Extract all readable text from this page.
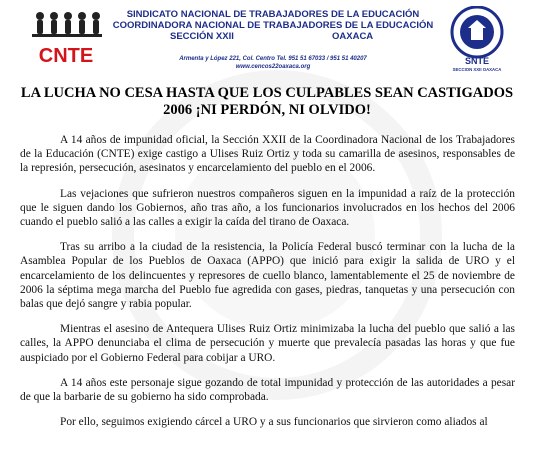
CNTE
SINDICATO NACIONAL DE TRABAJADORES DE LA EDUCACIÓN
COORDINADORA NACIONAL DE TRABAJADORES DE LA EDUCACIÓN
SECCIÓN XXII	OAXACA
Armenta y López 221, Col. Centro Tel. 951 51 67033 / 951 51 40207
www.cencos22oaxaca.org
SNTE
SECCION XXII OAXACA
LA LUCHA NO CESA HASTA QUE LOS CULPABLES SEAN CASTIGADOS
2006 ¡NI PERDÓN, NI OLVIDO!

A 14 años de impunidad oficial, la Sección XXII de la Coordinadora Nacional de los Trabajadores de la Educación (CNTE) exige castigo a Ulises Ruiz Ortiz y toda su camarilla de asesinos, responsables de la represión, persecución, asesinatos y encarcelamiento del pueblo en el 2006.

Las vejaciones que sufrieron nuestros compañeros siguen en la impunidad a raíz de la protección que le siguen dando los Gobiernos, año tras año, a los funcionarios involucrados en los hechos del 2006 cuando el pueblo salió a las calles a exigir la caída del tirano de Oaxaca.

Tras su arribo a la ciudad de la resistencia, la Policía Federal buscó terminar con la lucha de la Asamblea Popular de los Pueblos de Oaxaca (APPO) que inició para exigir la salida de URO y el encarcelamiento de los delincuentes y represores de cuello blanco, lamentablemente el 25 de noviembre de 2006 la séptima mega marcha del Pueblo fue agredida con gases, piedras, tanquetas y una persecución con balas que dejó sangre y rabia popular.

Mientras el asesino de Antequera Ulises Ruiz Ortiz minimizaba la lucha del pueblo que salió a las calles, la APPO denunciaba el clima de persecución y muerte que prevalecía pasadas las horas y que fue auspiciado por el Gobierno Federal para cobijar a URO.

A 14 años este personaje sigue gozando de total impunidad y protección de las autoridades a pesar de que la barbarie de su gobierno ha sido comprobada.

Por ello, seguimos exigiendo cárcel a URO y a sus funcionarios que sirvieron como aliados al
